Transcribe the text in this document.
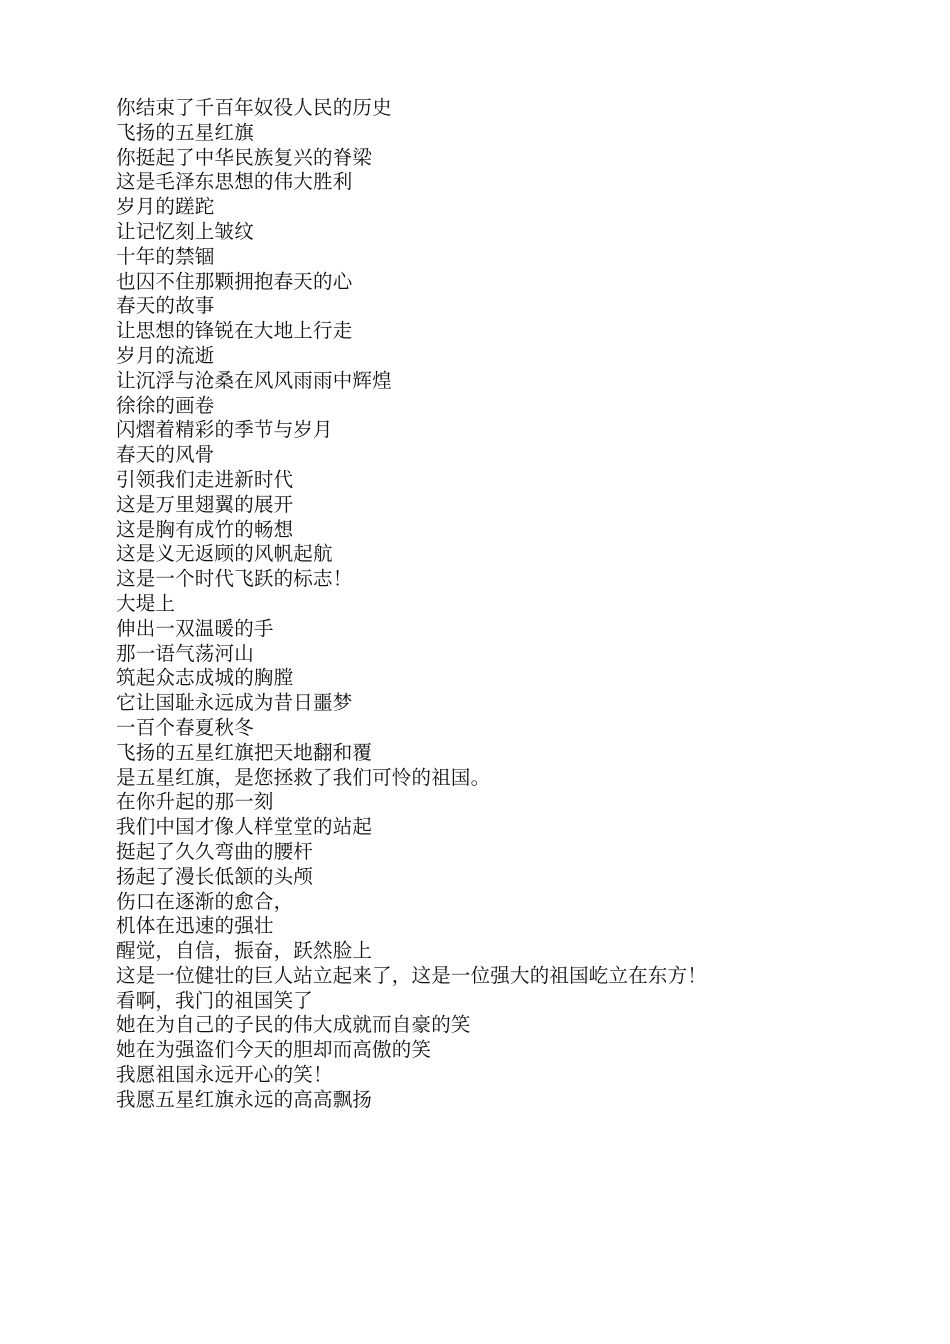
你结束了千百年奴役人民的历史
飞扬的五星红旗
你挺起了中华民族复兴的脊梁
这是毛泽东思想的伟大胜利
岁月的蹉跎
让记忆刻上皱纹
十年的禁锢
也囚不住那颗拥抱春天的心
春天的故事
让思想的锋锐在大地上行走
岁月的流逝
让沉浮与沧桑在风风雨雨中辉煌
徐徐的画卷
闪熠着精彩的季节与岁月
春天的风骨
引领我们走进新时代
这是万里翅翼的展开
这是胸有成竹的畅想
这是义无返顾的风帆起航
这是一个时代飞跃的标志！
大堤上
伸出一双温暖的手
那一语气荡河山
筑起众志成城的胸膛
它让国耻永远成为昔日噩梦
一百个春夏秋冬
飞扬的五星红旗把天地翻和覆
是五星红旗，是您拯救了我们可怜的祖国。
在你升起的那一刻
我们中国才像人样堂堂的站起
挺起了久久弯曲的腰杆
扬起了漫长低颔的头颅
伤口在逐渐的愈合，
机体在迅速的强壮
醒觉，自信，振奋，跃然脸上
这是一位健壮的巨人站立起来了，这是一位强大的祖国屹立在东方！
看啊，我门的祖国笑了
她在为自己的子民的伟大成就而自豪的笑
她在为强盗们今天的胆却而高傲的笑
我愿祖国永远开心的笑！
我愿五星红旗永远的高高飘扬
